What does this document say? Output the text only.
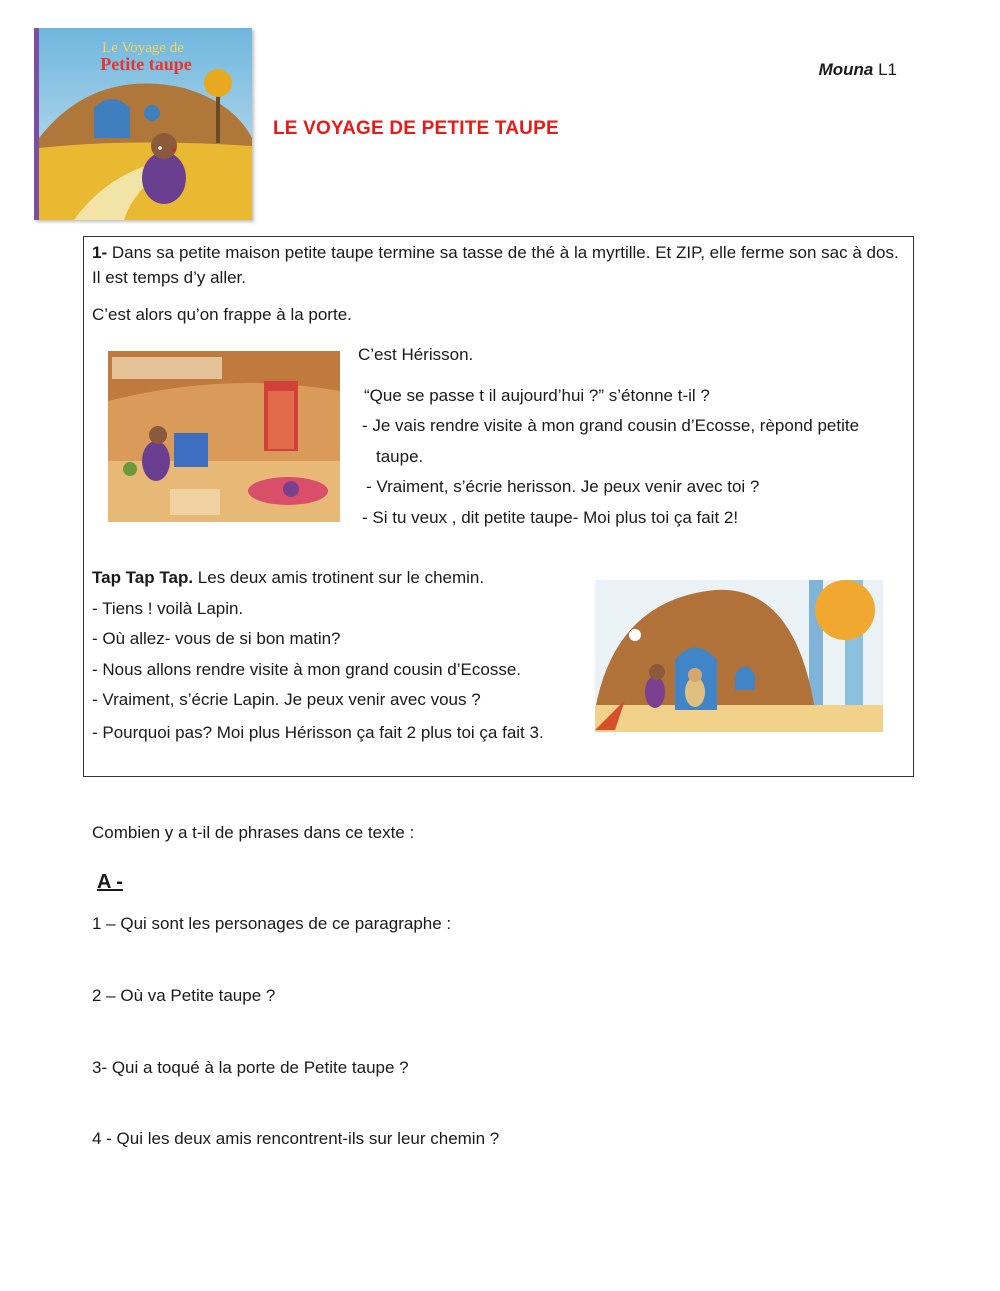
Le Voyage de
Petite taupe	Mouna L1
LE VOYAGE DE PETITE TAUPE
1- Dans sa petite maison petite taupe termine sa tasse de thé à la myrtille. Et ZIP, elle ferme son sac à dos. Il est temps d’y aller.
C’est alors qu’on frappe à la porte.
C’est Hérisson.
“Que se passe t il aujourd’hui ?” s’étonne t-il ?
- Je vais rendre visite à mon grand cousin d’Ecosse, rèpond petite
taupe.
- Vraiment, s’écrie herisson. Je peux venir avec toi ?
- Si tu veux , dit petite taupe- Moi plus toi ça fait 2!
Tap Tap Tap. Les deux amis trotinent sur le chemin.
- Tiens ! voilà Lapin.
- Où allez- vous de si bon matin?
- Nous allons rendre visite à mon grand cousin d’Ecosse.
- Vraiment, s’écrie Lapin. Je peux venir avec vous ?
- Pourquoi pas? Moi plus Hérisson ça fait 2 plus toi ça fait 3.
Combien y a t-il de phrases dans ce texte :
A -
1 – Qui sont les personages de ce paragraphe :
2 – Où va Petite taupe ?
3- Qui a toqué à la porte de Petite taupe ?
4 - Qui les deux amis rencontrent-ils sur leur chemin ?
